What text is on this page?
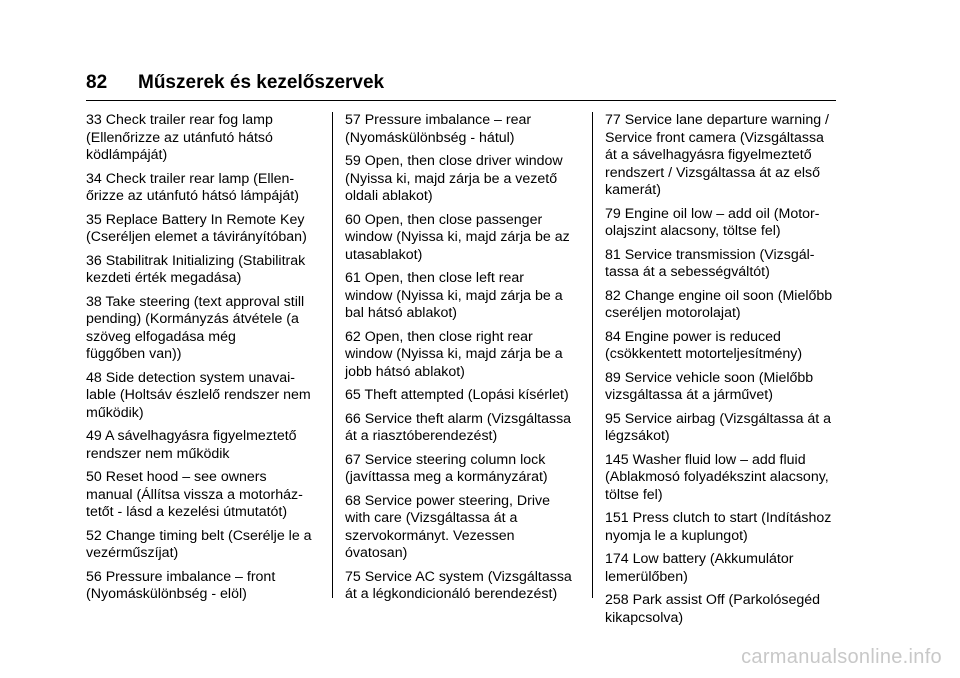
82 Műszerek és kezelőszervek

33 Check trailer rear fog lamp
(Ellenőrizze az utánfutó hátsó
ködlámpáját)

34 Check trailer rear lamp (Ellen-
őrizze az utánfutó hátsó lámpáját)

35 Replace Battery In Remote Key
(Cseréljen elemet a távirányítóban)

36 Stabilitrak Initializing (Stabilitrak
kezdeti érték megadása)

38 Take steering (text approval still
pending) (Kormányzás átvétele (a
szöveg elfogadása még
függőben van))

48 Side detection system unavai-
lable (Holtsáv észlelő rendszer nem
működik)

49 A sávelhagyásra figyelmeztető
rendszer nem működik

50 Reset hood – see owners
manual (Állítsa vissza a motorház-
tetőt - lásd a kezelési útmutatót)

52 Change timing belt (Cserélje le a
vezérműszíjat)

56 Pressure imbalance – front
(Nyomáskülönbség - elöl)

57 Pressure imbalance – rear
(Nyomáskülönbség - hátul)

59 Open, then close driver window
(Nyissa ki, majd zárja be a vezető
oldali ablakot)

60 Open, then close passenger
window (Nyissa ki, majd zárja be az
utasablakot)

61 Open, then close left rear
window (Nyissa ki, majd zárja be a
bal hátsó ablakot)

62 Open, then close right rear
window (Nyissa ki, majd zárja be a
jobb hátsó ablakot)

65 Theft attempted (Lopási kísérlet)

66 Service theft alarm (Vizsgáltassa
át a riasztóberendezést)

67 Service steering column lock
(javíttassa meg a kormányzárat)

68 Service power steering, Drive
with care (Vizsgáltassa át a
szervokormányt. Vezessen
óvatosan)

75 Service AC system (Vizsgáltassa
át a légkondicionáló berendezést)

77 Service lane departure warning /
Service front camera (Vizsgáltassa
át a sávelhagyásra figyelmeztető
rendszert / Vizsgáltassa át az első
kamerát)

79 Engine oil low – add oil (Motor-
olajszint alacsony, töltse fel)

81 Service transmission (Vizsgál-
tassa át a sebességváltót)

82 Change engine oil soon (Mielőbb
cseréljen motorolajat)

84 Engine power is reduced
(csökkentett motorteljesítmény)

89 Service vehicle soon (Mielőbb
vizsgáltassa át a járművet)

95 Service airbag (Vizsgáltassa át a
légzsákot)

145 Washer fluid low – add fluid
(Ablakmosó folyadékszint alacsony,
töltse fel)

151 Press clutch to start (Indításhoz
nyomja le a kuplungot)

174 Low battery (Akkumulátor
lemerülőben)

258 Park assist Off (Parkolósegéd
kikapcsolva)

carmanualsonline.info
